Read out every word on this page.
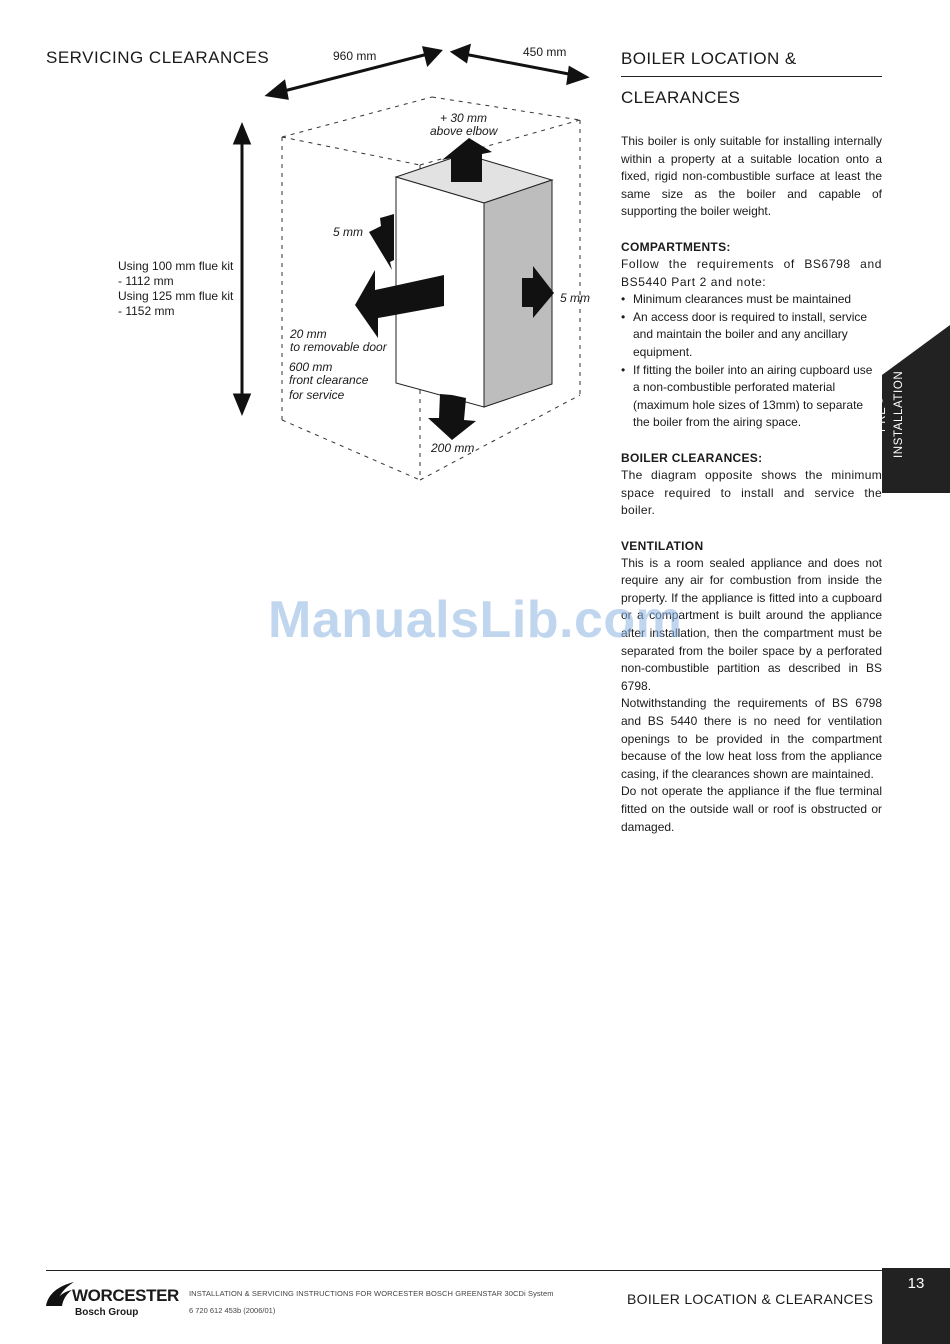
SERVICING CLEARANCES	960 mm	450 mm
+ 30 mm
above elbow
5 mm
5 mm
Using 100 mm flue kit
- 1112 mm
Using 125 mm flue kit
- 1152 mm
20 mm
to removable door
600 mm
front clearance
for service
200 mm
BOILER LOCATION &
CLEARANCES

This boiler is only suitable for installing internally within a property at a suitable location onto a fixed, rigid non-combustible surface at least the same size as the boiler and capable of supporting the boiler weight.

COMPARTMENTS:

Follow the requirements of BS6798 and BS5440 Part 2 and note:

• Minimum clearances must be maintained
• An access door is required to install, service and maintain the boiler and any ancillary equipment.
• If fitting the boiler into an airing cupboard use a non-combustible perforated material (maximum hole sizes of 13mm) to separate the boiler from the airing space.

BOILER CLEARANCES:

The diagram opposite shows the minimum space required to install and service the boiler.

VENTILATION

This is a room sealed appliance and does not require any air for combustion from inside the property. If the appliance is fitted into a cupboard or a compartment is built around the appliance after installation, then the compartment must be separated from the boiler space by a perforated non-combustible partition as described in BS 6798.

Notwithstanding the requirements of BS 6798 and BS 5440 there is no need for ventilation openings to be provided in the compartment because of the low heat loss from the appliance casing, if the clearances shown are maintained.

Do not operate the appliance if the flue terminal fitted on the outside wall or roof is obstructed or damaged.

PRE - INSTALLATION
ManualsLib.com
WORCESTER
Bosch Group
INSTALLATION & SERVICING INSTRUCTIONS FOR WORCESTER BOSCH GREENSTAR 30CDi System
6 720 612 453b (2006/01)
BOILER LOCATION & CLEARANCES
13
